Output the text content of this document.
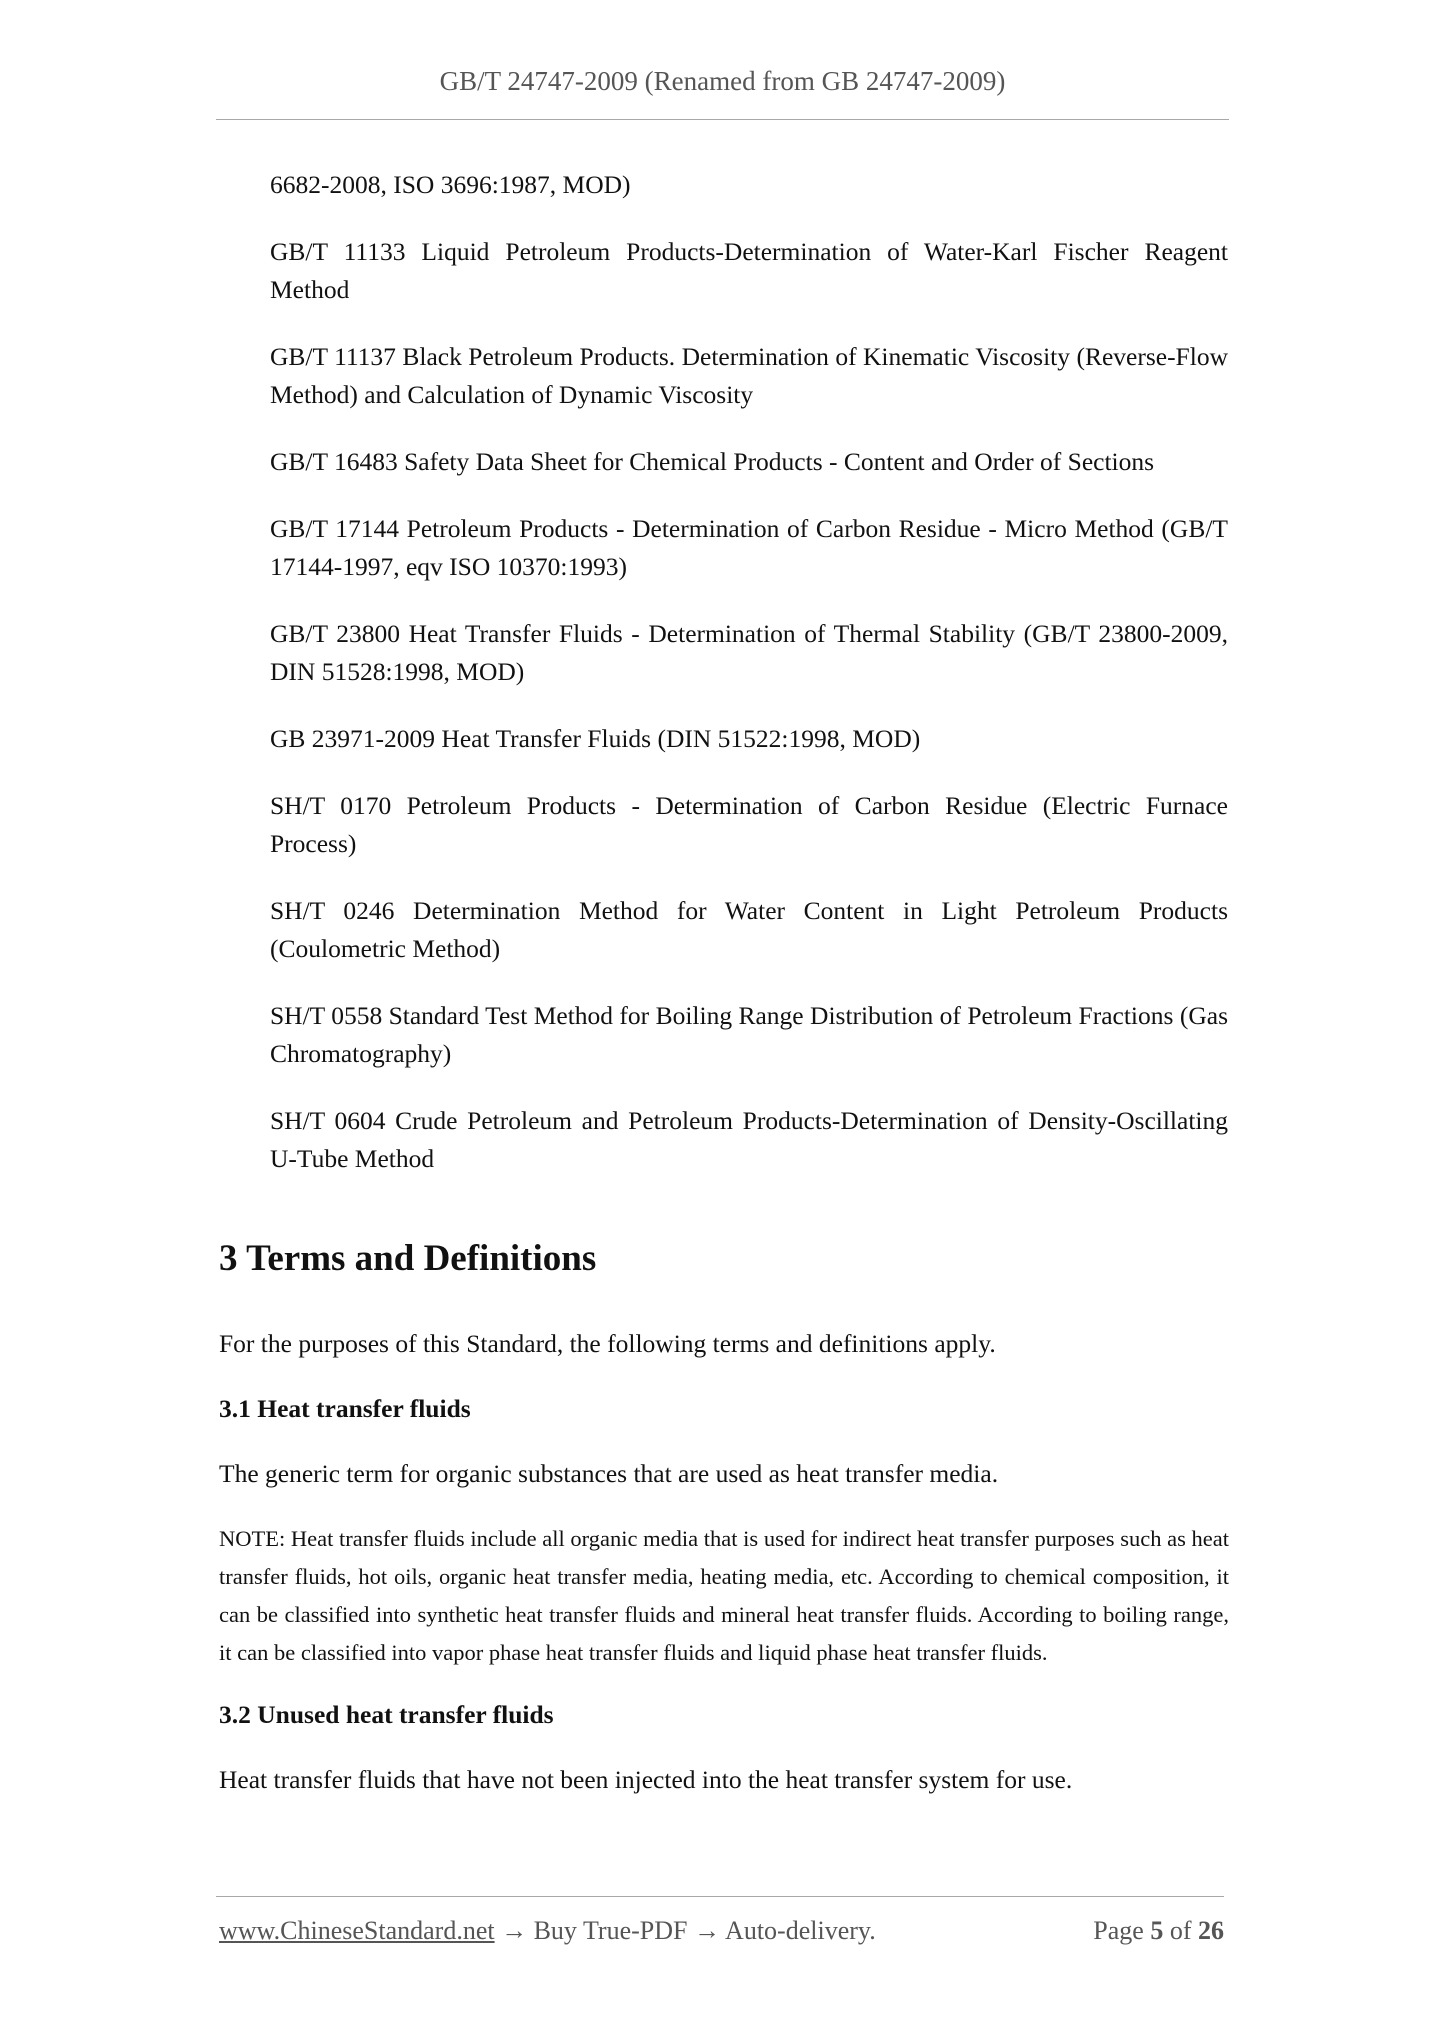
GB/T 24747-2009 (Renamed from GB 24747-2009)

6682-2008, ISO 3696:1987, MOD)

GB/T 11133 Liquid Petroleum Products-Determination of Water-Karl Fischer Reagent Method

GB/T 11137 Black Petroleum Products. Determination of Kinematic Viscosity (Reverse-Flow Method) and Calculation of Dynamic Viscosity

GB/T 16483 Safety Data Sheet for Chemical Products - Content and Order of Sections

GB/T 17144 Petroleum Products - Determination of Carbon Residue - Micro Method (GB/T 17144-1997, eqv ISO 10370:1993)

GB/T 23800 Heat Transfer Fluids - Determination of Thermal Stability (GB/T 23800-2009, DIN 51528:1998, MOD)

GB 23971-2009 Heat Transfer Fluids (DIN 51522:1998, MOD)

SH/T 0170 Petroleum Products - Determination of Carbon Residue (Electric Furnace Process)

SH/T 0246 Determination Method for Water Content in Light Petroleum Products (Coulometric Method)

SH/T 0558 Standard Test Method for Boiling Range Distribution of Petroleum Fractions (Gas Chromatography)

SH/T 0604 Crude Petroleum and Petroleum Products-Determination of Density-Oscillating U-Tube Method

3 Terms and Definitions

For the purposes of this Standard, the following terms and definitions apply.

3.1 Heat transfer fluids

The generic term for organic substances that are used as heat transfer media.

NOTE: Heat transfer fluids include all organic media that is used for indirect heat transfer purposes such as heat transfer fluids, hot oils, organic heat transfer media, heating media, etc. According to chemical composition, it can be classified into synthetic heat transfer fluids and mineral heat transfer fluids. According to boiling range, it can be classified into vapor phase heat transfer fluids and liquid phase heat transfer fluids.

3.2 Unused heat transfer fluids

Heat transfer fluids that have not been injected into the heat transfer system for use.

www.ChineseStandard.net → Buy True-PDF → Auto-delivery.	Page 5 of 26
